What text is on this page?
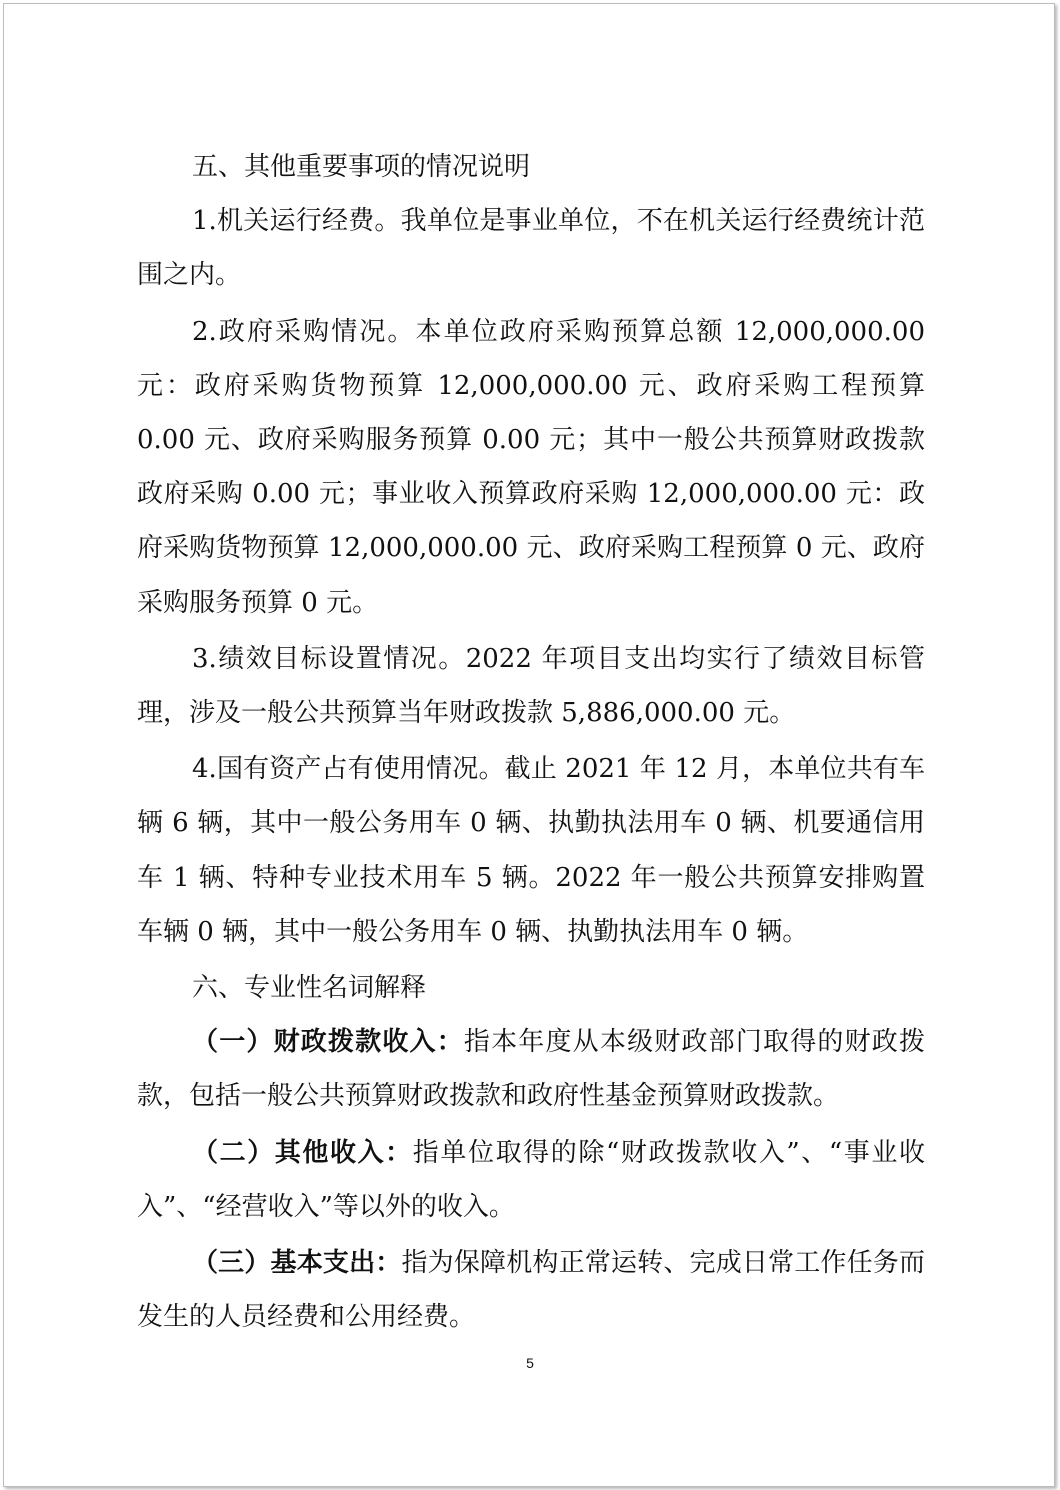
五、其他重要事项的情况说明

1.机关运行经费。我单位是事业单位，不在机关运行经费统计范围之内。

2.政府采购情况。本单位政府采购预算总额 12,000,000.00 元：政府采购货物预算 12,000,000.00 元、政府采购工程预算 0.00 元、政府采购服务预算 0.00 元；其中一般公共预算财政拨款政府采购 0.00 元；事业收入预算政府采购 12,000,000.00 元：政府采购货物预算 12,000,000.00 元、政府采购工程预算 0 元、政府采购服务预算 0 元。

3.绩效目标设置情况。2022 年项目支出均实行了绩效目标管理，涉及一般公共预算当年财政拨款 5,886,000.00 元。

4.国有资产占有使用情况。截止 2021 年 12 月，本单位共有车辆 6 辆，其中一般公务用车 0 辆、执勤执法用车 0 辆、机要通信用车 1 辆、特种专业技术用车 5 辆。2022 年一般公共预算安排购置车辆 0 辆，其中一般公务用车 0 辆、执勤执法用车 0 辆。

六、专业性名词解释

（一）财政拨款收入：指本年度从本级财政部门取得的财政拨款，包括一般公共预算财政拨款和政府性基金预算财政拨款。

（二）其他收入：指单位取得的除“财政拨款收入”、“事业收入”、“经营收入”等以外的收入。

（三）基本支出：指为保障机构正常运转、完成日常工作任务而发生的人员经费和公用经费。

5
